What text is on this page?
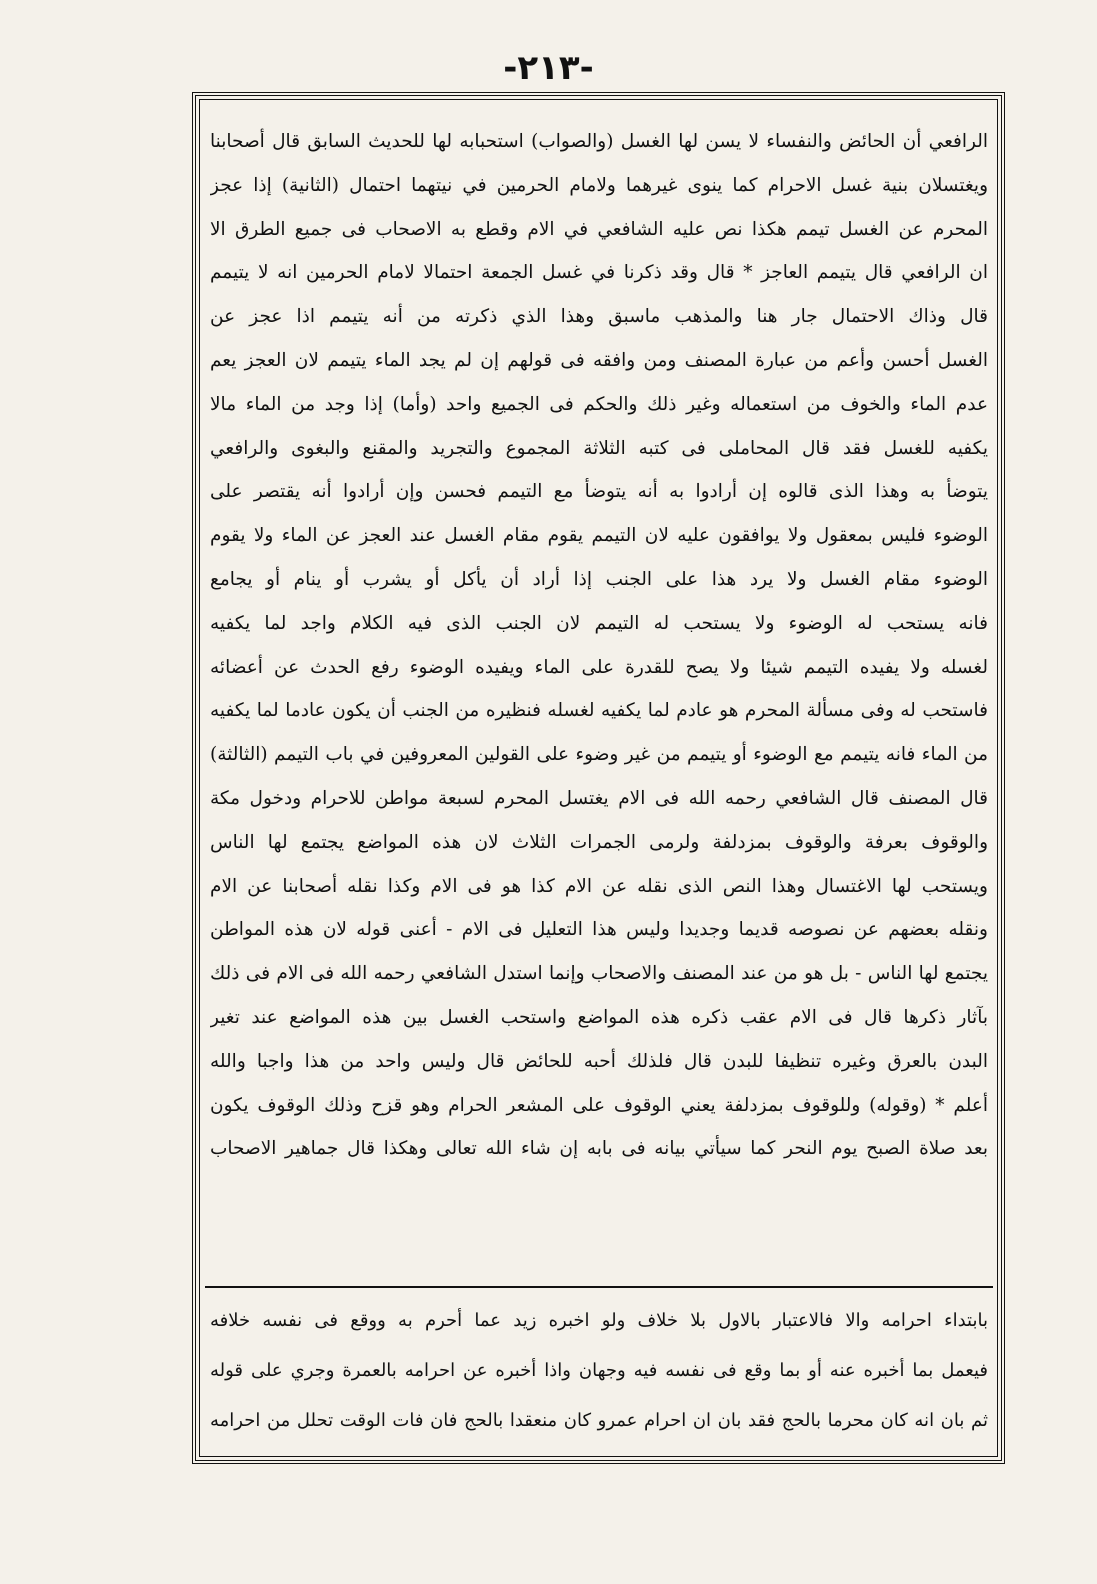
-٢١٣-
الرافعي أن الحائض والنفساء لا يسن لها الغسل (والصواب) استحبابه لها للحديث السابق قال أصحابنا
ويغتسلان بنية غسل الاحرام كما ينوى غيرهما ولامام الحرمين في نيتهما احتمال (الثانية) إذا عجز
المحرم عن الغسل تيمم هكذا نص عليه الشافعي في الام وقطع به الاصحاب فى جميع الطرق الا
ان الرافعي قال يتيمم العاجز * قال وقد ذكرنا في غسل الجمعة احتمالا لامام الحرمين انه لا يتيمم
قال وذاك الاحتمال جار هنا والمذهب ماسبق وهذا الذي ذكرته من أنه يتيمم اذا عجز عن
الغسل أحسن وأعم من عبارة المصنف ومن وافقه فى قولهم إن لم يجد الماء يتيمم لان العجز يعم
عدم الماء والخوف من استعماله وغير ذلك والحكم فى الجميع واحد (وأما) إذا وجد من الماء مالا
يكفيه للغسل فقد قال المحاملى فى كتبه الثلاثة المجموع والتجريد والمقنع والبغوى والرافعي
يتوضأ به وهذا الذى قالوه إن أرادوا به أنه يتوضأ مع التيمم فحسن وإن أرادوا أنه يقتصر على
الوضوء فليس بمعقول ولا يوافقون عليه لان التيمم يقوم مقام الغسل عند العجز عن الماء ولا يقوم
الوضوء مقام الغسل ولا يرد هذا على الجنب إذا أراد أن يأكل أو يشرب أو ينام أو يجامع
فانه يستحب له الوضوء ولا يستحب له التيمم لان الجنب الذى فيه الكلام واجد لما يكفيه
لغسله ولا يفيده التيمم شيئا ولا يصح للقدرة على الماء ويفيده الوضوء رفع الحدث عن أعضائه
فاستحب له وفى مسألة المحرم هو عادم لما يكفيه لغسله فنظيره من الجنب أن يكون عادما لما يكفيه
من الماء فانه يتيمم مع الوضوء أو يتيمم من غير وضوء على القولين المعروفين في باب التيمم (الثالثة)
قال المصنف قال الشافعي رحمه الله فى الام يغتسل المحرم لسبعة مواطن للاحرام ودخول مكة
والوقوف بعرفة والوقوف بمزدلفة ولرمى الجمرات الثلاث لان هذه المواضع يجتمع لها الناس
ويستحب لها الاغتسال وهذا النص الذى نقله عن الام كذا هو فى الام وكذا نقله أصحابنا عن الام
ونقله بعضهم عن نصوصه قديما وجديدا وليس هذا التعليل فى الام - أعنى قوله لان هذه المواطن
يجتمع لها الناس - بل هو من عند المصنف والاصحاب وإنما استدل الشافعي رحمه الله فى الام فى ذلك
بآثار ذكرها قال فى الام عقب ذكره هذه المواضع واستحب الغسل بين هذه المواضع عند تغير
البدن بالعرق وغيره تنظيفا للبدن قال فلذلك أحبه للحائض قال وليس واحد من هذا واجبا والله
أعلم * (وقوله) وللوقوف بمزدلفة يعني الوقوف على المشعر الحرام وهو قزح وذلك الوقوف يكون
بعد صلاة الصبح يوم النحر كما سيأتي بيانه فى بابه إن شاء الله تعالى وهكذا قال جماهير الاصحاب
بابتداء احرامه والا فالاعتبار بالاول بلا خلاف ولو اخبره زيد عما أحرم به ووقع فى نفسه خلافه
فيعمل بما أخبره عنه أو بما وقع فى نفسه فيه وجهان واذا أخبره عن احرامه بالعمرة وجري على قوله
ثم بان انه كان محرما بالحج فقد بان ان احرام عمرو كان منعقدا بالحج فان فات الوقت تحلل من احرامه
